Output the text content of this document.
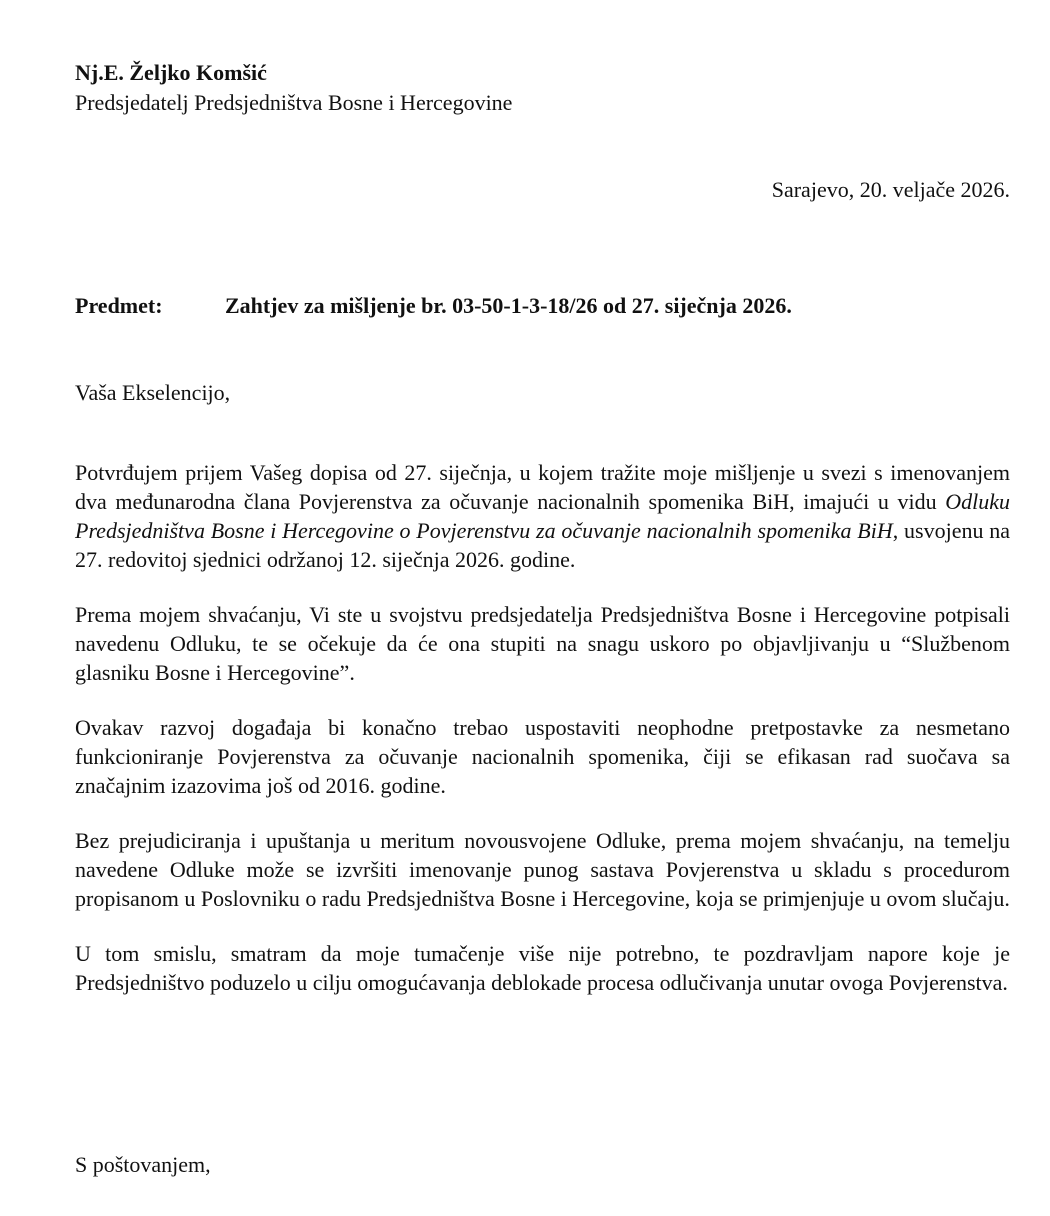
Nj.E. Željko Komšić

Predsjedatelj Predsjedništva Bosne i Hercegovine

Sarajevo, 20. veljače 2026.

Predmet:	Zahtjev za mišljenje br. 03-50-1-3-18/26 od 27. siječnja 2026.

Vaša Ekselencijo,

Potvrđujem prijem Vašeg dopisa od 27. siječnja, u kojem tražite moje mišljenje u svezi s imenovanjem dva međunarodna člana Povjerenstva za očuvanje nacionalnih spomenika BiH, imajući u vidu Odluku Predsjedništva Bosne i Hercegovine o Povjerenstvu za očuvanje nacionalnih spomenika BiH, usvojenu na 27. redovitoj sjednici održanoj 12. siječnja 2026. godine.

Prema mojem shvaćanju, Vi ste u svojstvu predsjedatelja Predsjedništva Bosne i Hercegovine potpisali navedenu Odluku, te se očekuje da će ona stupiti na snagu uskoro po objavljivanju u “Službenom glasniku Bosne i Hercegovine”.

Ovakav razvoj događaja bi konačno trebao uspostaviti neophodne pretpostavke za nesmetano funkcioniranje Povjerenstva za očuvanje nacionalnih spomenika, čiji se efikasan rad suočava sa značajnim izazovima još od 2016. godine.

Bez prejudiciranja i upuštanja u meritum novousvojene Odluke, prema mojem shvaćanju, na temelju navedene Odluke može se izvršiti imenovanje punog sastava Povjerenstva u skladu s procedurom propisanom u Poslovniku o radu Predsjedništva Bosne i Hercegovine, koja se primjenjuje u ovom slučaju.

U tom smislu, smatram da moje tumačenje više nije potrebno, te pozdravljam napore koje je Predsjedništvo poduzelo u cilju omogućavanja deblokade procesa odlučivanja unutar ovoga Povjerenstva.

S poštovanjem,
